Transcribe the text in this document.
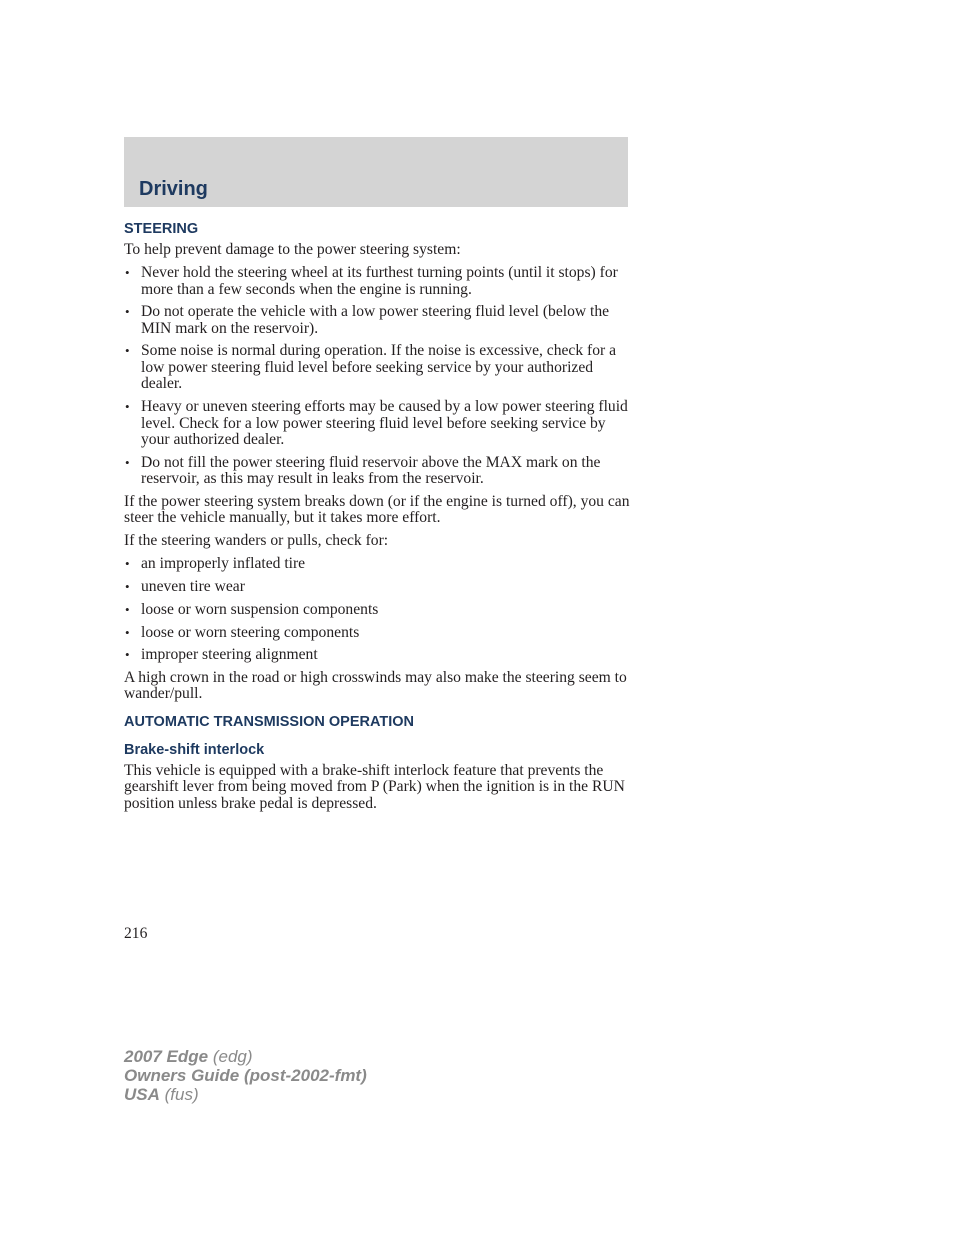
Driving
STEERING

To help prevent damage to the power steering system:

• Never hold the steering wheel at its furthest turning points (until it stops) for more than a few seconds when the engine is running.
• Do not operate the vehicle with a low power steering fluid level (below the MIN mark on the reservoir).
• Some noise is normal during operation. If the noise is excessive, check for a low power steering fluid level before seeking service by your authorized dealer.
• Heavy or uneven steering efforts may be caused by a low power steering fluid level. Check for a low power steering fluid level before seeking service by your authorized dealer.
• Do not fill the power steering fluid reservoir above the MAX mark on the reservoir, as this may result in leaks from the reservoir.

If the power steering system breaks down (or if the engine is turned off), you can steer the vehicle manually, but it takes more effort.

If the steering wanders or pulls, check for:

• an improperly inflated tire
• uneven tire wear
• loose or worn suspension components
• loose or worn steering components
• improper steering alignment

A high crown in the road or high crosswinds may also make the steering seem to wander/pull.

AUTOMATIC TRANSMISSION OPERATION
Brake-shift interlock

This vehicle is equipped with a brake-shift interlock feature that prevents the gearshift lever from being moved from P (Park) when the ignition is in the RUN position unless brake pedal is depressed.

216
2007 Edge (edg)
Owners Guide (post-2002-fmt)
USA (fus)
